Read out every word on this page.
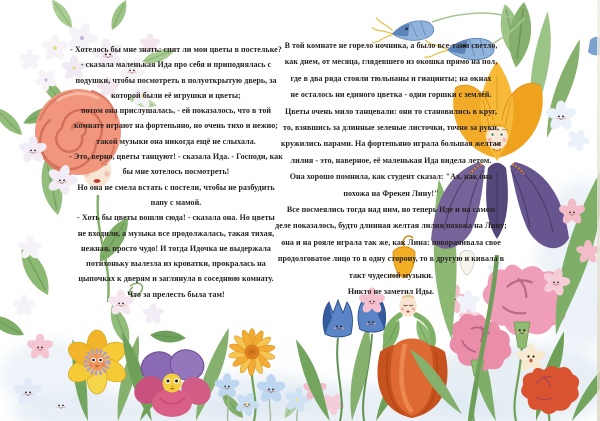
- Хотелось бы мне знать: спят ли мои цветы в постельке?
- сказала маленькая Ида про себя и приподнялась с
подушки, чтобы посмотреть в полуоткрытую дверь, за
которой были её игрушки и цветы;
потом она прислушалась, - ей показалось, что в той
комнате играют на фортепьяно, но очень тихо и нежно;
такой музыки она никогда ещё не слыхала.
- Это, верно, цветы танцуют! - сказала Ида. - Господи, как
бы мне хотелось посмотреть!
Но она не смела встать с постели, чтобы не разбудить
папу с мамой.
- Хоть бы цветы вошли сюда! - сказала она. Но цветы
не входили, а музыка все продолжалась, такая тихая,
нежная, просто чудо! И тогда Идочка не выдержала
потихоньку вылезла из кроватки, прокралась на
цыпочках к дверям и заглянула в соседнюю комнату.
Что за прелесть была там!
В той комнате не горело ночника, а было все-таки светло,
как днем, от месяца, глядевшего из окошка прямо на пол,
где в два ряда стояли тюльпаны и гиацинты; на окнах
не осталось ни единого цветка - одни горшки с землёй.
Цветы очень мило танцевали: они то становились в круг,
то, взявшись за длинные зеленые листочки, точно за руки,
кружились парами. На фортепьяно играла большая желтая
лилия - это, наверное, её маленькая Ида видела летом.
Она хорошо помнила, как студент сказал: "Ах, как она
похожа на Фрекен Лину!"
Все посмеялись тогда над ним, но теперь Иде и на самом
деле показалось, будто длинная желтая лилия похожа на Лину;
она и на рояле играла так же, как Лина: поворачивала свое
продолговатое лицо то в одну сторону, то в другую и кивала в
такт чудесной музыки.
Никто не заметил Иды.
